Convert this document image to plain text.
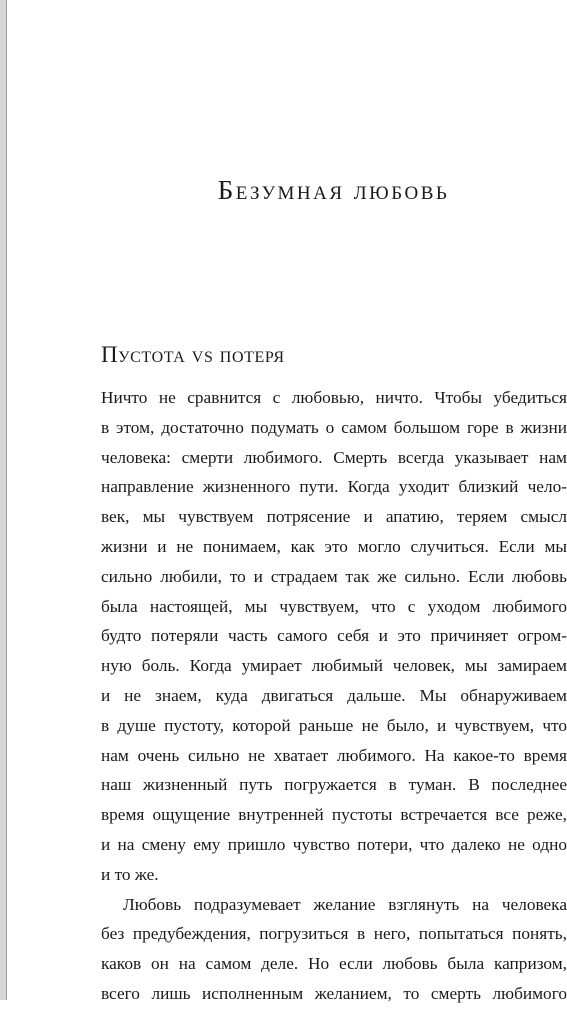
Безумная любовь
Пустота vs потеря
Ничто не сравнится с любовью, ничто. Чтобы убедиться
в этом, достаточно подумать о самом большом горе в жизни
человека: смерти любимого. Смерть всегда указывает нам
направление жизненного пути. Когда уходит близкий чело-
век, мы чувствуем потрясение и апатию, теряем смысл
жизни и не понимаем, как это могло случиться. Если мы
сильно любили, то и страдаем так же сильно. Если любовь
была настоящей, мы чувствуем, что с уходом любимого
будто потеряли часть самого себя и это причиняет огром-
ную боль. Когда умирает любимый человек, мы замираем
и не знаем, куда двигаться дальше. Мы обнаруживаем
в душе пустоту, которой раньше не было, и чувствуем, что
нам очень сильно не хватает любимого. На какое-то время
наш жизненный путь погружается в туман. В последнее
время ощущение внутренней пустоты встречается все реже,
и на смену ему пришло чувство потери, что далеко не одно
и то же.
Любовь подразумевает желание взглянуть на человека
без предубеждения, погрузиться в него, попытаться понять,
каков он на самом деле. Но если любовь была капризом,
всего лишь исполненным желанием, то смерть любимого
